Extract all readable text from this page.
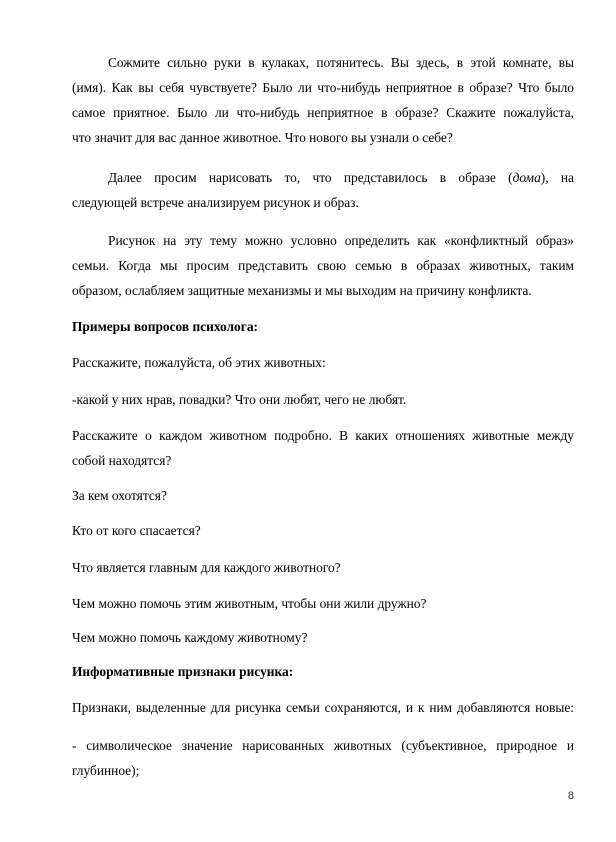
Сожмите сильно руки в кулаках, потянитесь. Вы здесь, в этой комнате, вы
(имя). Как вы себя чувствуете? Было ли что-нибудь неприятное в образе? Что было
самое приятное. Было ли что-нибудь неприятное в образе? Скажите пожалуйста,
что значит для вас данное животное. Что нового вы узнали о себе?
Далее просим нарисовать то, что представилось в образе (дома), на
следующей встрече анализируем рисунок и образ.
Рисунок на эту тему можно условно определить как «конфликтный образ»
семьи. Когда мы просим представить свою семью в образах животных, таким
образом, ослабляем защитные механизмы и мы выходим на причину конфликта.
Примеры вопросов психолога:
Расскажите, пожалуйста, об этих животных:
-какой у них нрав, повадки? Что они любят, чего не любят.
Расскажите о каждом животном подробно. В каких отношениях животные между
собой находятся?
За кем охотятся?
Кто от кого спасается?
Что является главным для каждого животного?
Чем можно помочь этим животным, чтобы они жили дружно?
Чем можно помочь каждому животному?
Информативные признаки рисунка:
Признаки, выделенные для рисунка семьи сохраняются, и к ним добавляются новые:
- символическое значение нарисованных животных (субъективное, природное и
глубинное);
8
